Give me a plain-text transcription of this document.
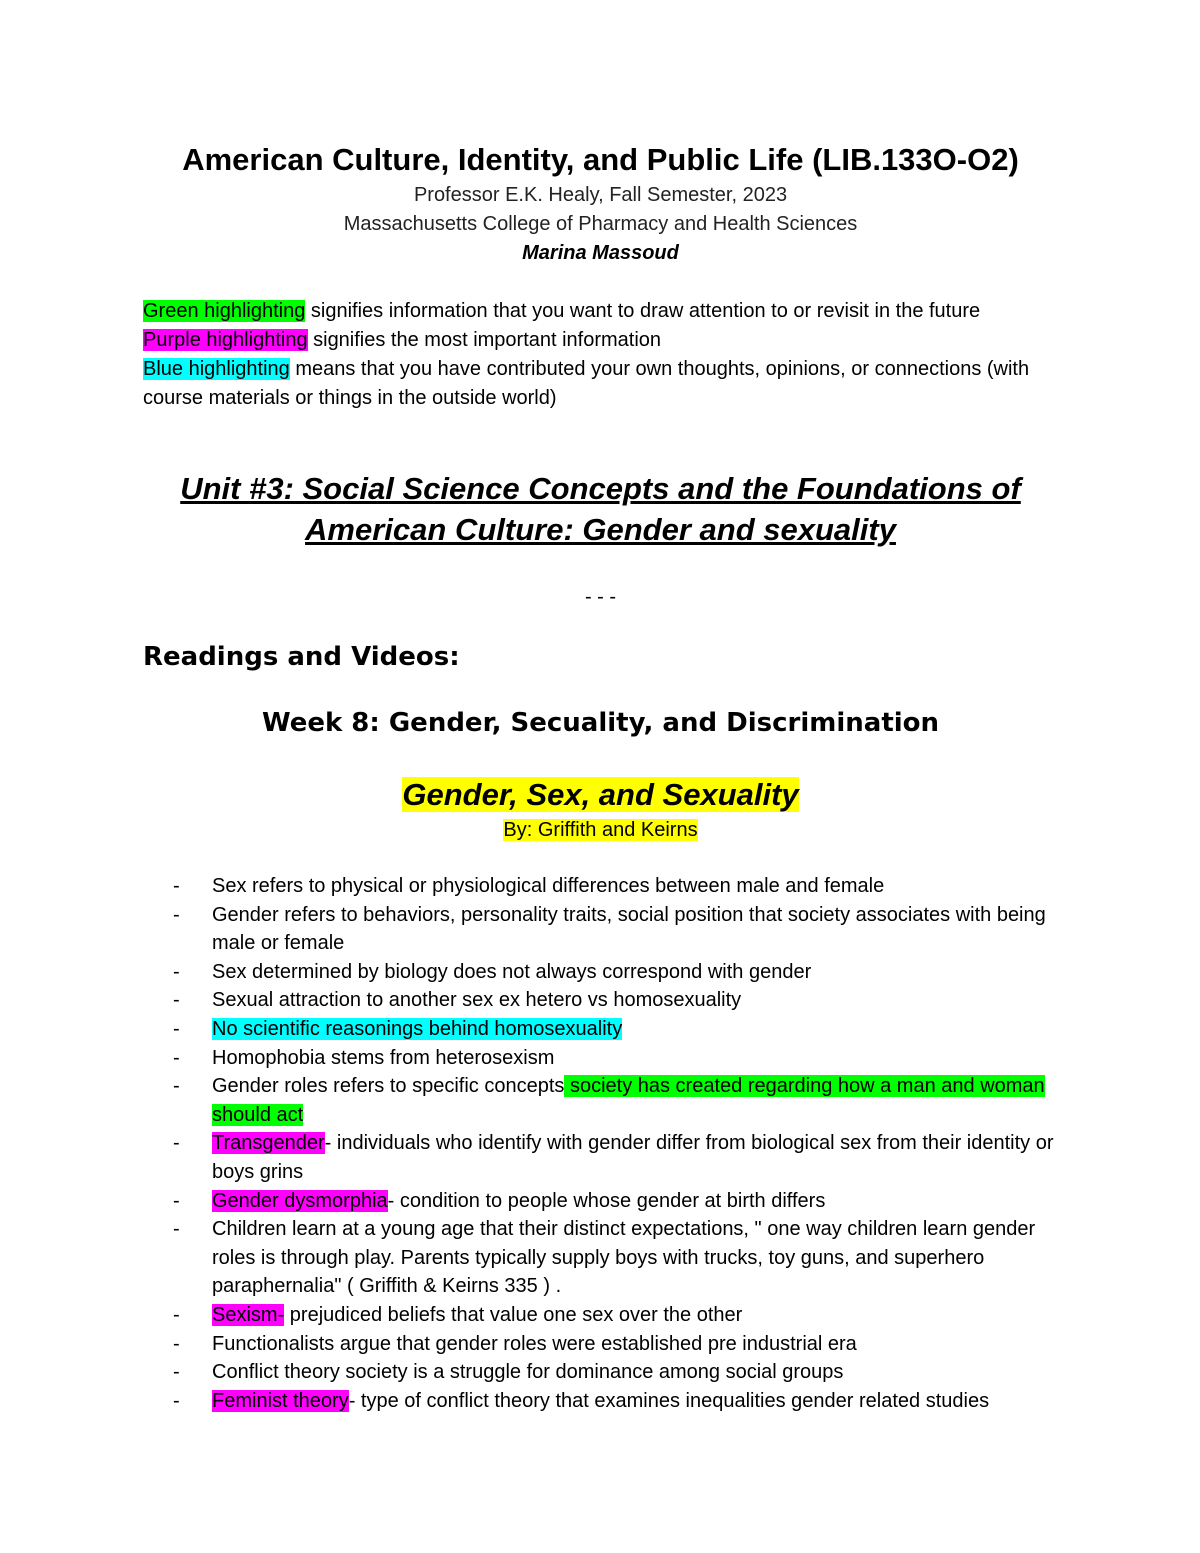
American Culture, Identity, and Public Life (LIB.133O-O2)
Professor E.K. Healy, Fall Semester, 2023
Massachusetts College of Pharmacy and Health Sciences
Marina Massoud

Green highlighting signifies information that you want to draw attention to or revisit in the future

Purple highlighting signifies the most important information

Blue highlighting means that you have contributed your own thoughts, opinions, or connections (with course materials or things in the outside world)

Unit #3: Social Science Concepts and the Foundations of
American Culture: Gender and sexuality
- - -
Readings and Videos:
Week 8: Gender, Secuality, and Discrimination
Gender, Sex, and Sexuality
By: Griffith and Keirns
- Sex refers to physical or physiological differences between male and female
- Gender refers to behaviors, personality traits, social position that society associates with being male or female
- Sex determined by biology does not always correspond with gender
- Sexual attraction to another sex ex hetero vs homosexuality
- No scientific reasonings behind homosexuality
- Homophobia stems from heterosexism
- Gender roles refers to specific concepts society has created regarding how a man and woman should act
- Transgender- individuals who identify with gender differ from biological sex from their identity or boys grins
- Gender dysmorphia- condition to people whose gender at birth differs
- Children learn at a young age that their distinct expectations, " one way children learn gender roles is through play. Parents typically supply boys with trucks, toy guns, and superhero paraphernalia" ( Griffith & Keirns 335 ) .
- Sexism- prejudiced beliefs that value one sex over the other
- Functionalists argue that gender roles were established pre industrial era
- Conflict theory society is a struggle for dominance among social groups
- Feminist theory- type of conflict theory that examines inequalities gender related studies
